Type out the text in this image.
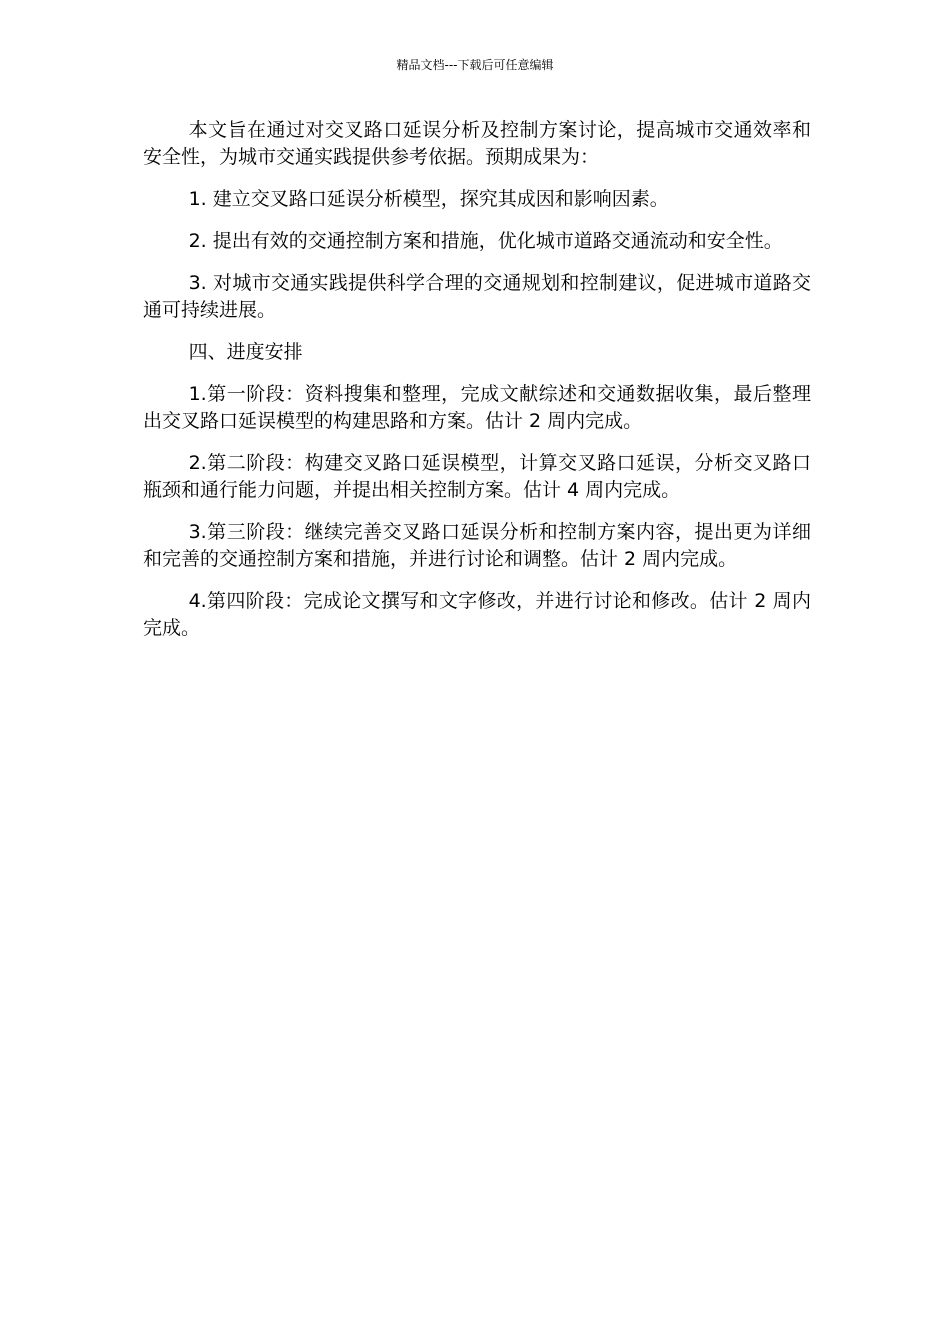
精品文档---下载后可任意编辑

本文旨在通过对交叉路口延误分析及控制方案讨论，提高城市交通效率和安全性，为城市交通实践提供参考依据。预期成果为：

1. 建立交叉路口延误分析模型，探究其成因和影响因素。

2. 提出有效的交通控制方案和措施，优化城市道路交通流动和安全性。

3. 对城市交通实践提供科学合理的交通规划和控制建议，促进城市道路交通可持续进展。

四、进度安排

1.第一阶段：资料搜集和整理，完成文献综述和交通数据收集，最后整理出交叉路口延误模型的构建思路和方案。估计 2 周内完成。

2.第二阶段：构建交叉路口延误模型，计算交叉路口延误，分析交叉路口瓶颈和通行能力问题，并提出相关控制方案。估计 4 周内完成。

3.第三阶段：继续完善交叉路口延误分析和控制方案内容，提出更为详细和完善的交通控制方案和措施，并进行讨论和调整。估计 2 周内完成。

4.第四阶段：完成论文撰写和文字修改，并进行讨论和修改。估计 2 周内完成。
